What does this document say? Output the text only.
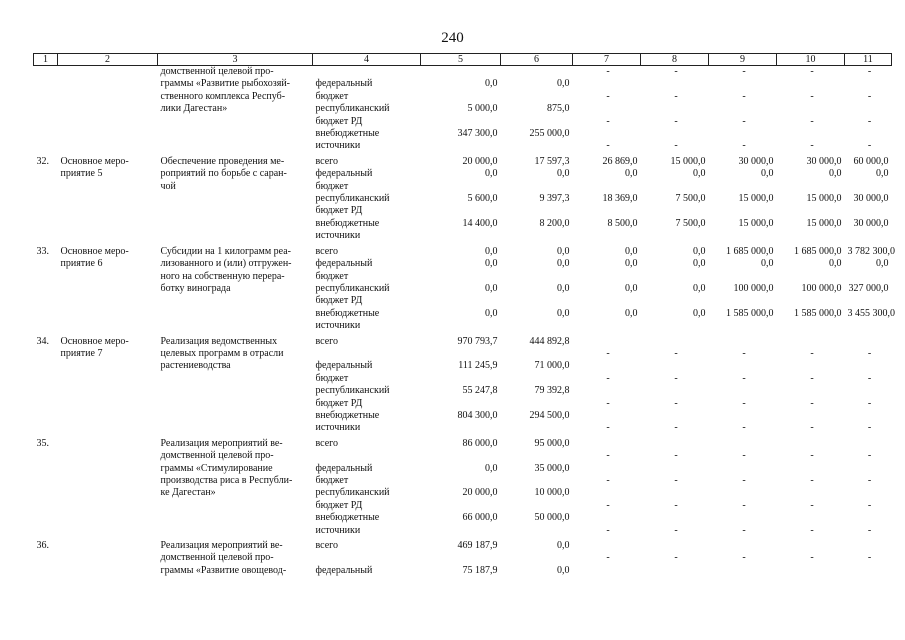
240
1	2	3	4	5	6	7	8	9	10	11
		домственной целевой про-				-	-	-	-	-
		граммы «Развитие рыбохозяй-	федеральный	0,0	0,0					
		ственного комплекса Респуб-	бюджет			-	-	-	-	-
		лики Дагестан»	республиканский	5 000,0	875,0					
			бюджет РД			-	-	-	-	-
			внебюджетные	347 300,0	255 000,0					
			источники			-	-	-	-	-
32.	Основное меро-	Обеспечение проведения ме-	всего	20 000,0	17 597,3	26 869,0	15 000,0	30 000,0	30 000,0	60 000,0
	приятие 5	роприятий по борьбе с саран-	федеральный	0,0	0,0	0,0	0,0	0,0	0,0	0,0
		чой	бюджет							
			республиканский	5 600,0	9 397,3	18 369,0	7 500,0	15 000,0	15 000,0	30 000,0
			бюджет РД							
			внебюджетные	14 400,0	8 200,0	8 500,0	7 500,0	15 000,0	15 000,0	30 000,0
			источники							
33.	Основное меро-	Субсидии на 1 килограмм реа-	всего	0,0	0,0	0,0	0,0	1 685 000,0	1 685 000,0	3 782 300,0
	приятие 6	лизованного и (или) отгружен-	федеральный	0,0	0,0	0,0	0,0	0,0	0,0	0,0
		ного на собственную перера-	бюджет							
		ботку винограда	республиканский	0,0	0,0	0,0	0,0	100 000,0	100 000,0	327 000,0
			бюджет РД							
			внебюджетные	0,0	0,0	0,0	0,0	1 585 000,0	1 585 000,0	3 455 300,0
			источники							
34.	Основное меро-	Реализация ведомственных	всего	970 793,7	444 892,8					
	приятие 7	целевых программ в отрасли				-	-	-	-	-
		растениеводства	федеральный	111 245,9	71 000,0					
			бюджет			-	-	-	-	-
			республиканский	55 247,8	79 392,8					
			бюджет РД			-	-	-	-	-
			внебюджетные	804 300,0	294 500,0					
			источники			-	-	-	-	-
35.		Реализация мероприятий ве-	всего	86 000,0	95 000,0					
		домственной целевой про-				-	-	-	-	-
		граммы «Стимулирование	федеральный	0,0	35 000,0					
		производства риса в Республи-	бюджет			-	-	-	-	-
		ке Дагестан»	республиканский	20 000,0	10 000,0					
			бюджет РД			-	-	-	-	-
			внебюджетные	66 000,0	50 000,0					
			источники			-	-	-	-	-
36.		Реализация мероприятий ве-	всего	469 187,9	0,0					
		домственной целевой про-				-	-	-	-	-
		граммы «Развитие овощевод-	федеральный	75 187,9	0,0					
